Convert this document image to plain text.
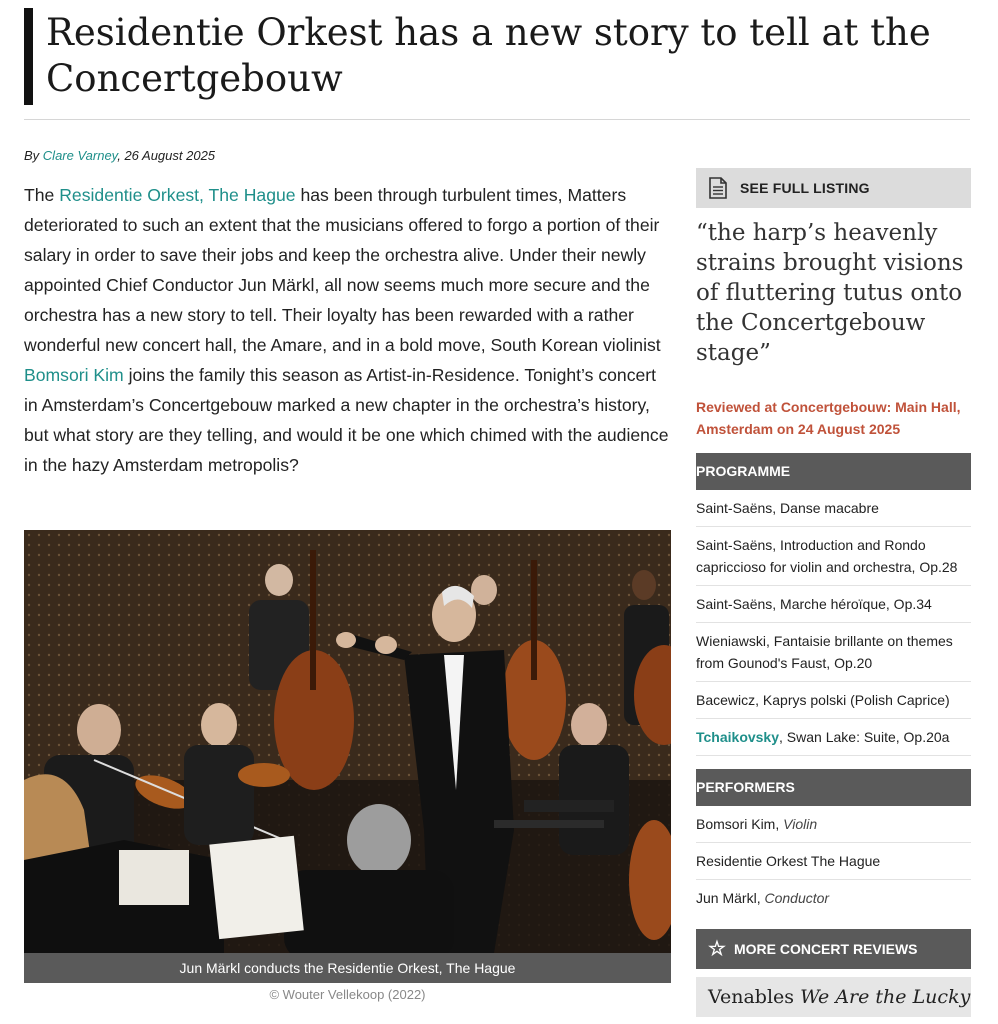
Residentie Orkest has a new story to tell at the Concertgebouw
By Clare Varney, 26 August 2025
The Residentie Orkest, The Hague has been through turbulent times, Matters deteriorated to such an extent that the musicians offered to forgo a portion of their salary in order to save their jobs and keep the orchestra alive. Under their newly appointed Chief Conductor Jun Märkl, all now seems much more secure and the orchestra has a new story to tell. Their loyalty has been rewarded with a rather wonderful new concert hall, the Amare, and in a bold move, South Korean violinist Bomsori Kim joins the family this season as Artist-in-Residence. Tonight’s concert in Amsterdam’s Concertgebouw marked a new chapter in the orchestra’s history, but what story are they telling, and would it be one which chimed with the audience in the hazy Amsterdam metropolis?
Jun Märkl conducts the Residentie Orkest, The Hague
© Wouter Vellekoop (2022)
SEE FULL LISTING
“the harp’s heavenly strains brought visions of fluttering tutus onto the Concertgebouw stage”
Reviewed at Concertgebouw: Main Hall, Amsterdam on 24 August 2025
PROGRAMME
Saint-Saëns, Danse macabre
Saint-Saëns, Introduction and Rondo capriccioso for violin and orchestra, Op.28
Saint-Saëns, Marche héroïque, Op.34
Wieniawski, Fantaisie brillante on themes from Gounod's Faust, Op.20
Bacewicz, Kaprys polski (Polish Caprice)
Tchaikovsky, Swan Lake: Suite, Op.20a
PERFORMERS
Bomsori Kim, Violin
Residentie Orkest The Hague
Jun Märkl, Conductor
☆ MORE CONCERT REVIEWS
Venables We Are the Lucky
